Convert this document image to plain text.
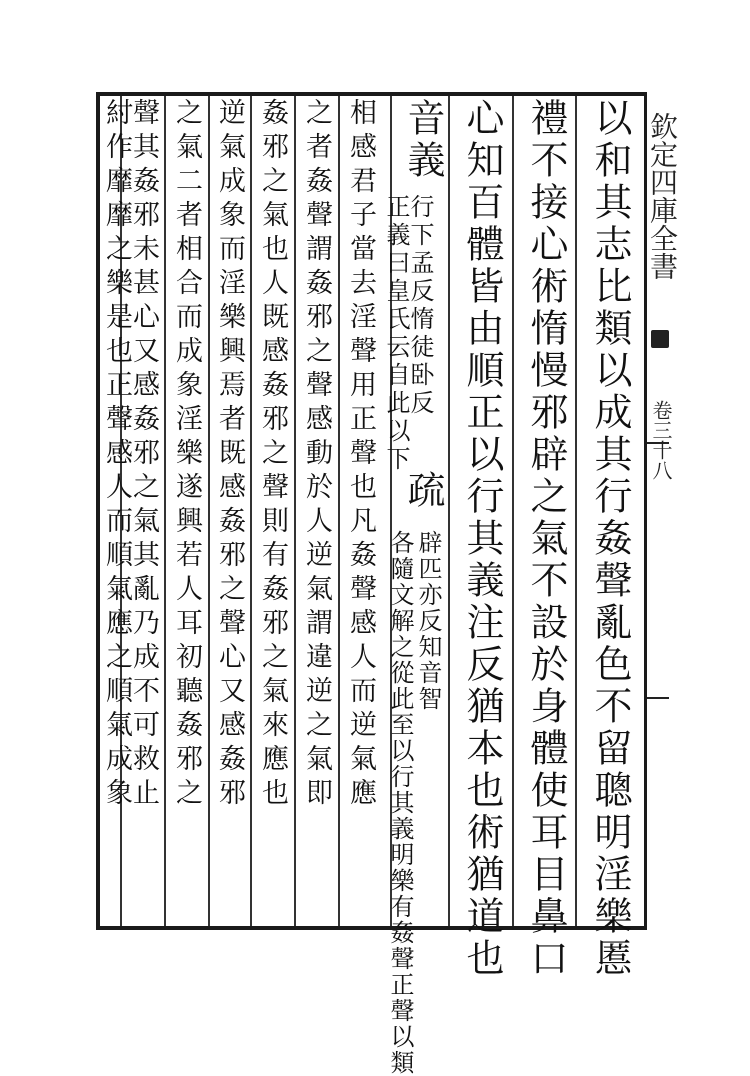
欽定四庫全書
卷三十八
以和其志比類以成其行姦聲亂色不留聰明淫樂慝
禮不接心術惰慢邪辟之氣不設於身體使耳目鼻口
心知百體皆由順正以行其義注反猶本也術猶道也
音義
行下孟反惰徒卧反
正義曰皇氏云自此以下
疏
辟匹亦反知音智
各隨文解之從此至以行其義明樂有姦聲正聲以類
相感君子當去淫聲用正聲也凡姦聲感人而逆氣應
之者姦聲謂姦邪之聲感動於人逆氣謂違逆之氣即
姦邪之氣也人既感姦邪之聲則有姦邪之氣來應也
逆氣成象而淫樂興焉者既感姦邪之聲心又感姦邪
之氣二者相合而成象淫樂遂興若人耳初聽姦邪之
聲其姦邪未甚心又感姦邪之氣其亂乃成不可救止
紂作靡靡之樂是也正聲感人而順氣應之順氣成象
